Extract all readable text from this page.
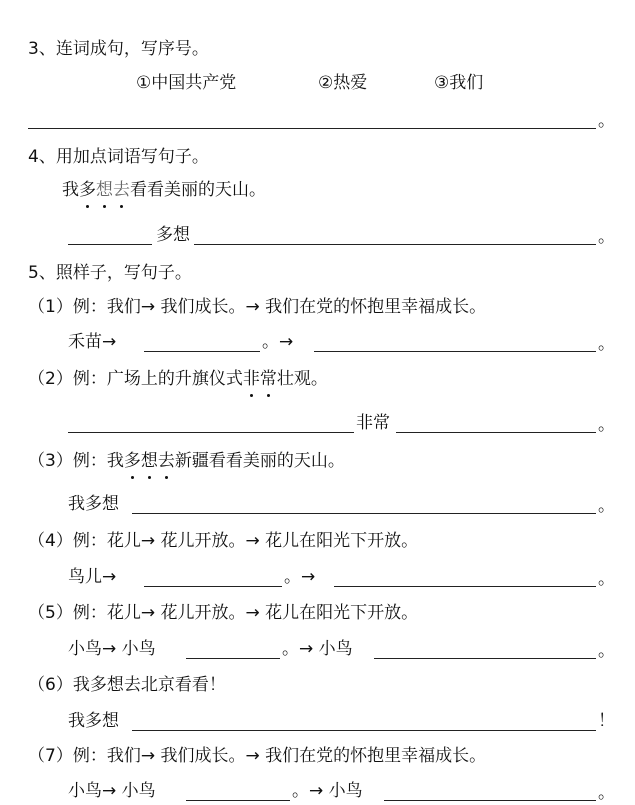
3、连词成句，写序号。
①中国共产党	②热爱	③我们
。
4、用加点词语写句子。
我多想去看看美丽的天山。
多想	。
5、照样子，写句子。
（1）例：我们→ 我们成长。→ 我们在党的怀抱里幸福成长。
禾苗→	。→	。
（2）例：广场上的升旗仪式非常壮观。
非常	。
（3）例：我多想去新疆看看美丽的天山。
我多想	。
（4）例：花儿→ 花儿开放。→ 花儿在阳光下开放。
鸟儿→	。→	。
（5）例：花儿→ 花儿开放。→ 花儿在阳光下开放。
小鸟→ 小鸟	。→ 小鸟	。
（6）我多想去北京看看！
我多想	！
（7）例：我们→ 我们成长。→ 我们在党的怀抱里幸福成长。
小鸟→ 小鸟	。→ 小鸟	。
